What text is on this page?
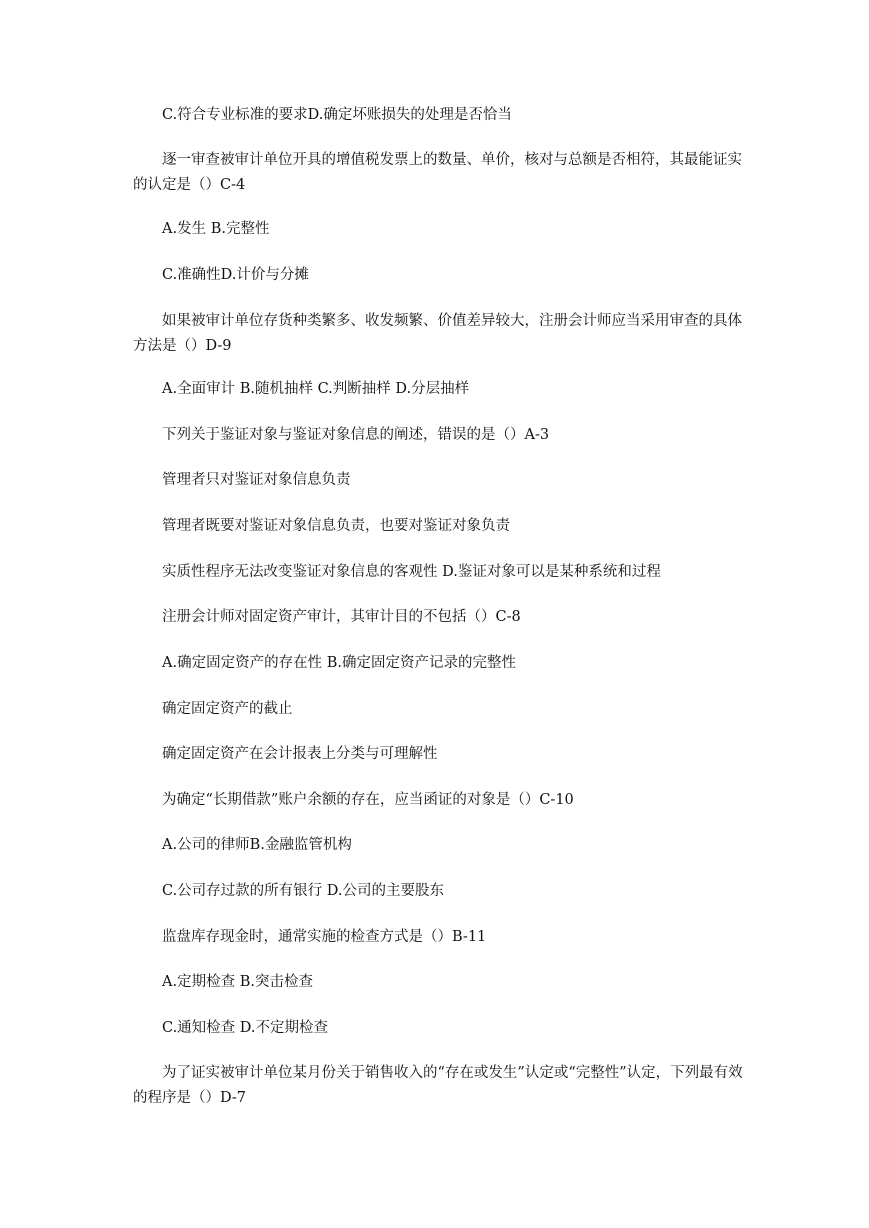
C.符合专业标准的要求D.确定坏账损失的处理是否恰当

逐一审查被审计单位开具的增值税发票上的数量、单价，核对与总额是否相符，其最能证实的认定是（）C-4

A.发生 B.完整性

C.准确性D.计价与分摊

如果被审计单位存货种类繁多、收发频繁、价值差异较大，注册会计师应当采用审查的具体方法是（）D-9

A.全面审计 B.随机抽样 C.判断抽样 D.分层抽样

下列关于鉴证对象与鉴证对象信息的阐述，错误的是（）A-3

管理者只对鉴证对象信息负责

管理者既要对鉴证对象信息负责，也要对鉴证对象负责

实质性程序无法改变鉴证对象信息的客观性 D.鉴证对象可以是某种系统和过程

注册会计师对固定资产审计，其审计目的不包括（）C-8

A.确定固定资产的存在性 B.确定固定资产记录的完整性

确定固定资产的截止

确定固定资产在会计报表上分类与可理解性

为确定“长期借款”账户余额的存在，应当函证的对象是（）C-10

A.公司的律师B.金融监管机构

C.公司存过款的所有银行 D.公司的主要股东

监盘库存现金时，通常实施的检查方式是（）B-11

A.定期检查 B.突击检查

C.通知检查 D.不定期检查

为了证实被审计单位某月份关于销售收入的“存在或发生”认定或“完整性”认定，下列最有效的程序是（）D-7
